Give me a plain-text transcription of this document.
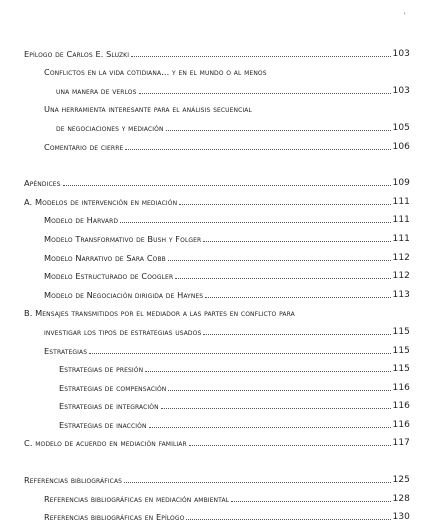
'
Epílogo de Carlos E. Sluzki	103
Conflictos en la vida cotidiana... y en el mundo o al menos
una manera de verlos	103
Una herramienta interesante para el análisis secuencial
de negociaciones y mediación	105
Comentario de cierre	106
Apéndices	109
A. Modelos de intervención en mediación	111
Modelo de Harvard	111
Modelo Transformativo de Bush y Folger	111
Modelo Narrativo de Sara Cobb	112
Modelo Estructurado de Coogler	112
Modelo de Negociación dirigida de Haynes	113
B. Mensajes transmitidos por el mediador a las partes en conflicto para
investigar los tipos de estrategias usados	115
Estrategias	115
Estrategias de presión	115
Estrategias de compensación	116
Estrategias de integración	116
Estrategias de inacción	116
C. modelo de acuerdo en mediación familiar	117
Referencias bibliográficas	125
Referencias bibliográficas en mediación ambiental	128
Referencias bibliográficas en Epílogo	130
